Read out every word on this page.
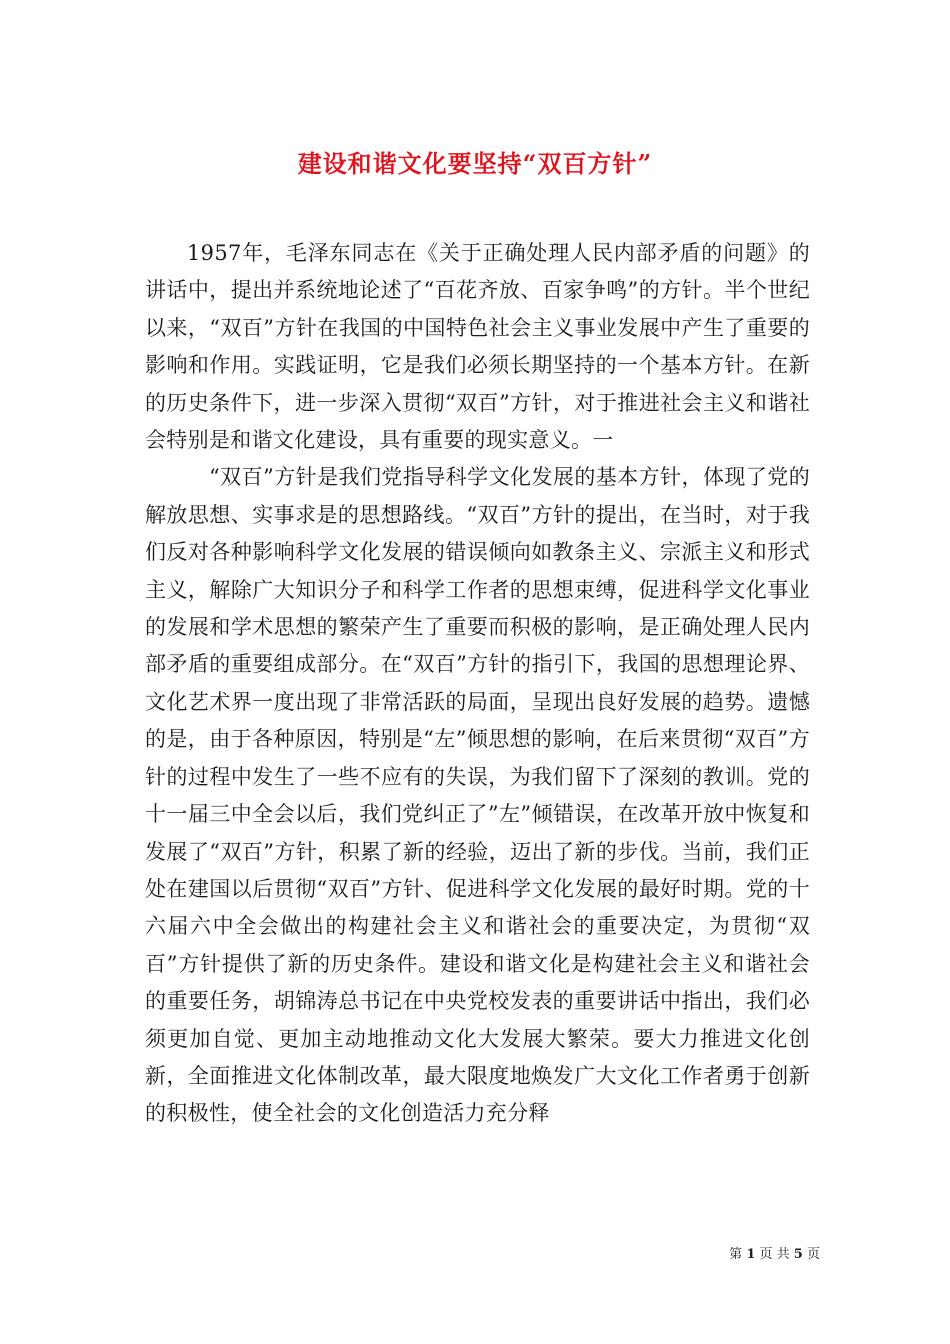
建设和谐文化要坚持“双百方针”

1957年，毛泽东同志在《关于正确处理人民内部矛盾的问题》的讲话中，提出并系统地论述了“百花齐放、百家争鸣”的方针。半个世纪以来，“双百”方针在我国的中国特色社会主义事业发展中产生了重要的影响和作用。实践证明，它是我们必须长期坚持的一个基本方针。在新的历史条件下，进一步深入贯彻“双百”方针，对于推进社会主义和谐社会特别是和谐文化建设，具有重要的现实意义。一

“双百”方针是我们党指导科学文化发展的基本方针，体现了党的解放思想、实事求是的思想路线。“双百”方针的提出，在当时，对于我们反对各种影响科学文化发展的错误倾向如教条主义、宗派主义和形式主义，解除广大知识分子和科学工作者的思想束缚，促进科学文化事业的发展和学术思想的繁荣产生了重要而积极的影响，是正确处理人民内部矛盾的重要组成部分。在“双百”方针的指引下，我国的思想理论界、文化艺术界一度出现了非常活跃的局面，呈现出良好发展的趋势。遗憾的是，由于各种原因，特别是“左”倾思想的影响，在后来贯彻“双百”方针的过程中发生了一些不应有的失误，为我们留下了深刻的教训。党的十一届三中全会以后，我们党纠正了”左”倾错误，在改革开放中恢复和发展了“双百”方针，积累了新的经验，迈出了新的步伐。当前，我们正处在建国以后贯彻“双百”方针、促进科学文化发展的最好时期。党的十六届六中全会做出的构建社会主义和谐社会的重要决定，为贯彻“双百”方针提供了新的历史条件。建设和谐文化是构建社会主义和谐社会的重要任务，胡锦涛总书记在中央党校发表的重要讲话中指出，我们必须更加自觉、更加主动地推动文化大发展大繁荣。要大力推进文化创新，全面推进文化体制改革，最大限度地焕发广大文化工作者勇于创新的积极性，使全社会的文化创造活力充分释

第 1 页 共 5 页
